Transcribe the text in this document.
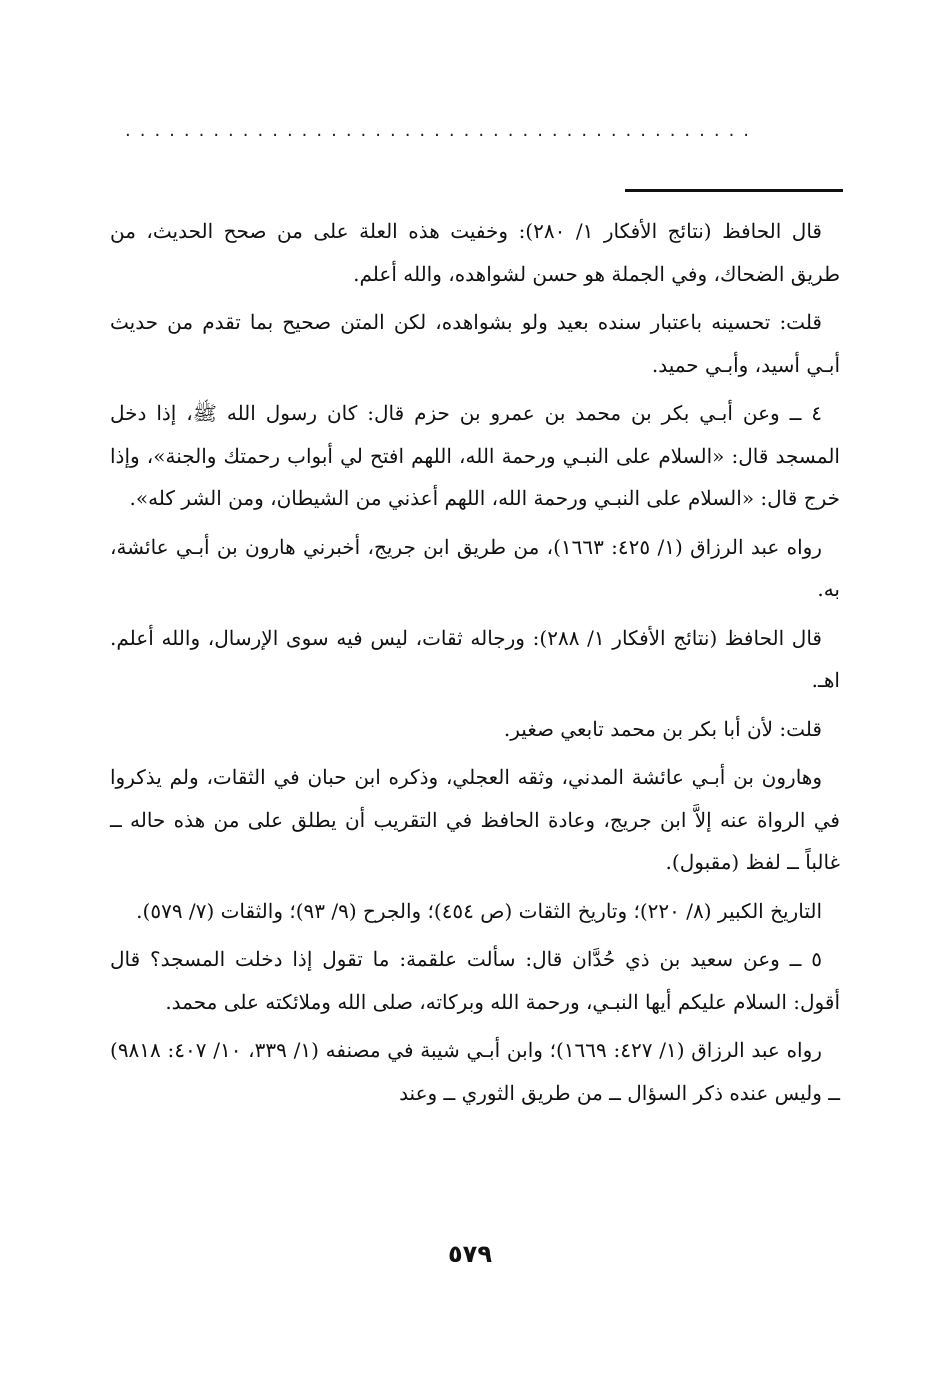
...........................................

قال الحافظ (نتائج الأفكار ١/ ٢٨٠): وخفيت هذه العلة على من صحح الحديث، من طريق الضحاك، وفي الجملة هو حسن لشواهده، والله أعلم.

قلت: تحسينه باعتبار سنده بعيد ولو بشواهده، لكن المتن صحيح بما تقدم من حديث أبـي أسيد، وأبـي حميد.

٤ ــ وعن أبـي بكر بن محمد بن عمرو بن حزم قال: كان رسول الله ﷺ، إذا دخل المسجد قال: «السلام على النبـي ورحمة الله، اللهم افتح لي أبواب رحمتك والجنة»، وإذا خرج قال: «السلام على النبـي ورحمة الله، اللهم أعذني من الشيطان، ومن الشر كله».

رواه عبد الرزاق (١/ ٤٢٥: ١٦٦٣)، من طريق ابن جريج، أخبرني هارون بن أبـي عائشة، به.

قال الحافظ (نتائج الأفكار ١/ ٢٨٨): ورجاله ثقات، ليس فيه سوى الإرسال، والله أعلم. اهـ.

قلت: لأن أبا بكر بن محمد تابعي صغير.

وهارون بن أبـي عائشة المدني، وثقه العجلي، وذكره ابن حبان في الثقات، ولم يذكروا في الرواة عنه إلاَّ ابن جريج، وعادة الحافظ في التقريب أن يطلق على من هذه حاله ــ غالباً ــ لفظ (مقبول).

التاريخ الكبير (٨/ ٢٢٠)؛ وتاريخ الثقات (ص ٤٥٤)؛ والجرح (٩/ ٩٣)؛ والثقات (٧/ ٥٧٩).

٥ ــ وعن سعيد بن ذي حُدَّان قال: سألت علقمة: ما تقول إذا دخلت المسجد؟ قال أقول: السلام عليكم أيها النبـي، ورحمة الله وبركاته، صلى الله وملائكته على محمد.

رواه عبد الرزاق (١/ ٤٢٧: ١٦٦٩)؛ وابن أبـي شيبة في مصنفه (١/ ٣٣٩، ١٠/ ٤٠٧: ٩٨١٨) ــ وليس عنده ذكر السؤال ــ من طريق الثوري ــ وعند

٥٧٩
